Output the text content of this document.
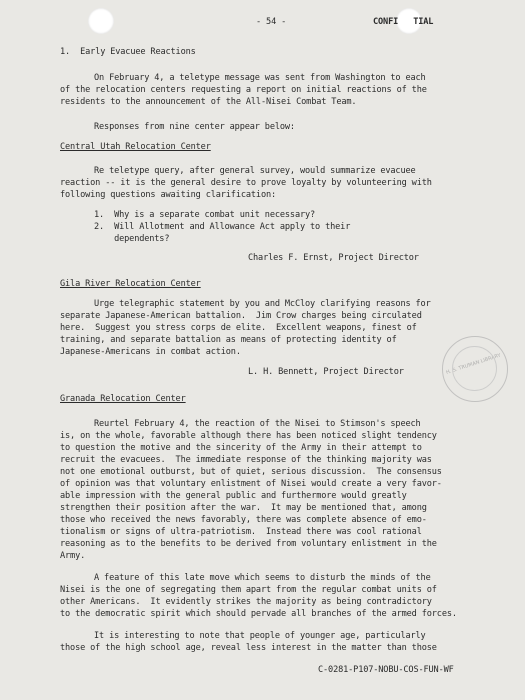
- 54 -	CONFI   TIAL
1.  Early Evacuee Reactions
On February 4, a teletype message was sent from Washington to each
of the relocation centers requesting a report on initial reactions of the
residents to the announcement of the All-Nisei Combat Team.
Responses from nine center appear below:
Central Utah Relocation Center
Re teletype query, after general survey, would summarize evacuee
reaction -- it is the general desire to prove loyalty by volunteering with
following questions awaiting clarification:
1.  Why is a separate combat unit necessary?
2.  Will Allotment and Allowance Act apply to their
dependents?
Charles F. Ernst, Project Director
Gila River Relocation Center
Urge telegraphic statement by you and McCloy clarifying reasons for
separate Japanese-American battalion.  Jim Crow charges being circulated
here.  Suggest you stress corps de elite.  Excellent weapons, finest of
training, and separate battalion as means of protecting identity of
Japanese-Americans in combat action.
L. H. Bennett, Project Director	H. S. TRUMAN LIBRARY
Granada Relocation Center
Reurtel February 4, the reaction of the Nisei to Stimson's speech
is, on the whole, favorable although there has been noticed slight tendency
to question the motive and the sincerity of the Army in their attempt to
recruit the evacuees.  The immediate response of the thinking majority was
not one emotional outburst, but of quiet, serious discussion.  The consensus
of opinion was that voluntary enlistment of Nisei would create a very favor-
able impression with the general public and furthermore would greatly
strengthen their position after the war.  It may be mentioned that, among
those who received the news favorably, there was complete absence of emo-
tionalism or signs of ultra-patriotism.  Instead there was cool rational
reasoning as to the benefits to be derived from voluntary enlistment in the
Army.
A feature of this late move which seems to disturb the minds of the
Nisei is the one of segregating them apart from the regular combat units of
other Americans.  It evidently strikes the majority as being contradictory
to the democratic spirit which should pervade all branches of the armed forces.
It is interesting to note that people of younger age, particularly
those of the high school age, reveal less interest in the matter than those
C-0281-P107-NOBU-COS-FUN-WF
